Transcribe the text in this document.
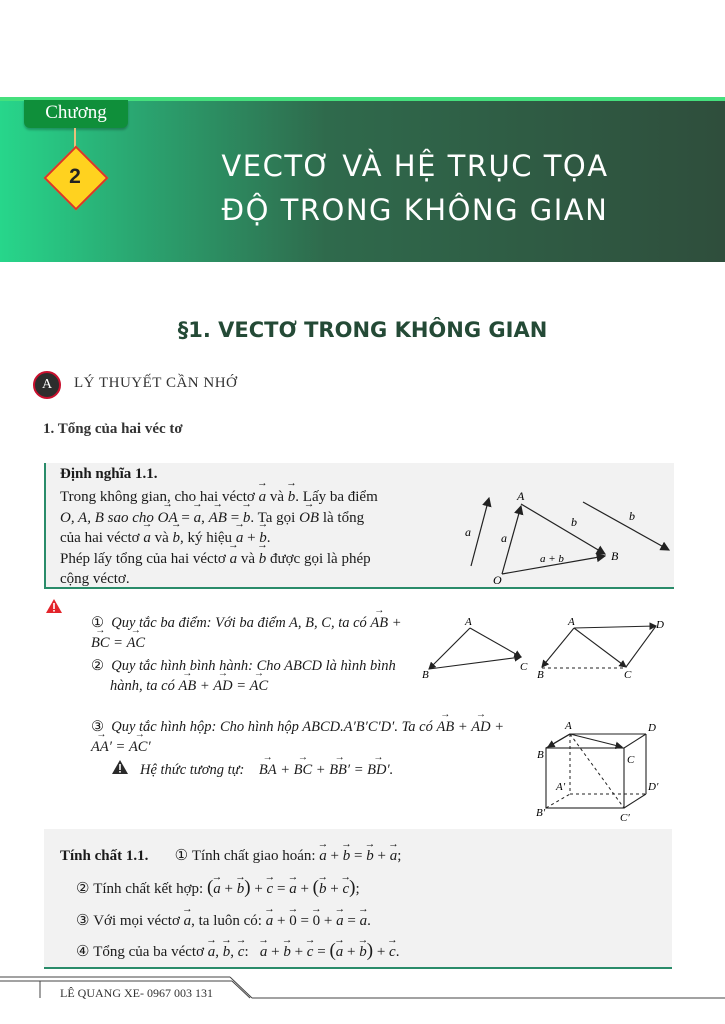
Chương
2	VECTƠ VÀ HỆ TRỤC TỌA
ĐỘ TRONG KHÔNG GIAN
§1. VECTƠ TRONG KHÔNG GIAN
A	LÝ THUYẾT CẦN NHỚ
1. Tổng của hai véc tơ
Định nghĩa 1.1.
Trong không gian, cho hai véctơ → a và → b. Lấy ba điểm
O, A, B sao cho → OA = → a, → AB = → b. Ta gọi → OB là tổng
của hai véctơ → a và → b, ký hiệu → a + → b.
Phép lấy tổng của hai véctơ → a và → b được gọi là phép
cộng véctơ.
a	a
A
b	b
a + b	B
O
① Quy tắc ba điểm: Với ba điểm A, B, C, ta có → AB +
→ BC = → AC
② Quy tắc hình bình hành: Cho ABCD là hình bình
hành, ta có → AB + → AD = → AC
A
B
C
A	D
B	C
③ Quy tắc hình hộp: Cho hình hộp ABCD.A′B′C′D′. Ta có → AB + → AD +
→ AA′ = → AC′
Hệ thức tương tự: → BA + → BC + → BB′ = → BD′.
A	D
B	C
A′	D′
B′	C′
Tính chất 1.1. ① Tính chất giao hoán: → a + → b = → b + → a;
② Tính chất kết hợp: (→ a + → b) + → c = → a + (→ b + → c);
③ Với mọi véctơ → a, ta luôn có: → a + → 0 = → 0 + → a = → a.
④ Tổng của ba véctơ → a, → b, → c:   → a + → b + → c = (→ a + → b) + → c.
LÊ QUANG XE- 0967 003 131
